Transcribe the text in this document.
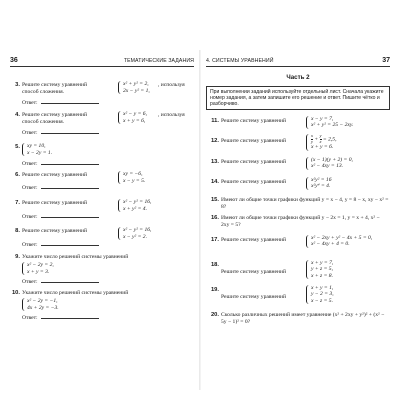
36	ТЕМАТИЧЕСКИЕ ЗАДАНИЯ
3. Решите систему уравнений	x² + y² = 2,
2x − y² = 1,
, используя
способ сложения.
Ответ:
4. Решите систему уравнений	x² − y = 6,
x + y = 6,
, используя
способ сложения.
Ответ:
5. xy = 10,
x − 2y = 1.
Ответ:
6. Решите систему уравнений	xy = −6,
x − y = 5.
Ответ:
7. Решите систему уравнений	x² − y² = 16,
x + y² = 4.
Ответ:
8. Решите систему уравнений	x² − y² = 16,
x − y² = 2.
Ответ:
9. Укажите число решений системы уравнений
x² − 2y = 2,
x + y = 3.
Ответ:
10. Укажите число решений системы уравнений
x² − 2y = −1,
4x + 2y = −3.
Ответ:
4. СИСТЕМЫ УРАВНЕНИЙ	37
Часть 2
При выполнении заданий используйте отдельный лист. Сначала укажите номер задания, а затем запишите его решение и ответ. Пишите чётко и разборчиво.
11. Решите систему уравнений	x − y = 7,
x² + y² = 25 − 2xy.
12. Решите систему уравнений	$\frac{x}{y} + \frac{y}{x} = 2,5$,
x + y = 6.
13. Решите систему уравнений	(x − 1)(y + 2) = 0,
x² − 4xy = 13.
14. Решите систему уравнений	x²y² = 16
x²y⁴ = 4.
15. Имеют ли общие точки графики функций y = x − 4, y = 8 − x, xy − x² = 8?
16. Имеют ли общие точки графики функций y − 2x = 1, y = x + 4, x² − 2xy = 5?
17. Решите систему уравнений	x² − 2xy + y² − 4x + 5 = 0,
x² − 4xy + 4 = 0.
18.
Решите систему уравнений
x + y = 7,
y + z = 5,
x + z = 8.
19.
Решите систему уравнений
x + y = 1,
y − 2 = 3,
x − z = 5.
20. Сколько различных решений имеет уравнение (x² + 2xy + y²)² + (x² − 5y − 1)² = 0?
